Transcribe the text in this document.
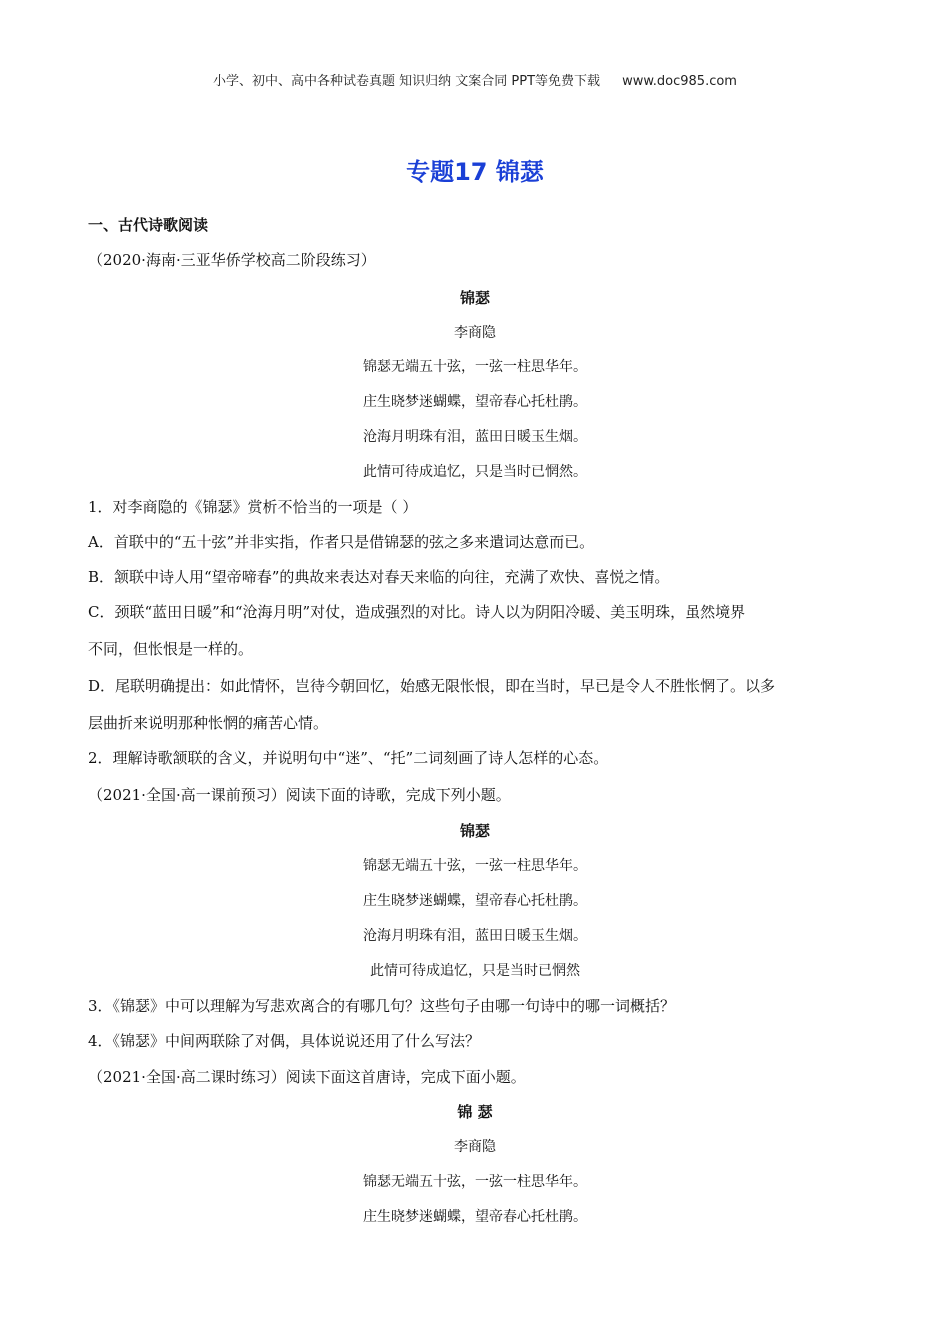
小学、初中、高中各种试卷真题 知识归纳 文案合同 PPT等免费下载 www.doc985.com
专题17 锦瑟
一、古代诗歌阅读
（2020·海南·三亚华侨学校高二阶段练习）
锦瑟
李商隐
锦瑟无端五十弦，一弦一柱思华年。
庄生晓梦迷蝴蝶，望帝春心托杜鹃。
沧海月明珠有泪，蓝田日暖玉生烟。
此情可待成追忆，只是当时已惘然。
1．对李商隐的《锦瑟》赏析不恰当的一项是（ ）
A．首联中的“五十弦”并非实指，作者只是借锦瑟的弦之多来遣词达意而已。
B．颔联中诗人用“望帝啼春”的典故来表达对春天来临的向往，充满了欢快、喜悦之情。
C．颈联“蓝田日暖”和“沧海月明”对仗，造成强烈的对比。诗人以为阴阳冷暖、美玉明珠，虽然境界
不同，但怅恨是一样的。
D．尾联明确提出：如此情怀，岂待今朝回忆，始感无限怅恨，即在当时，早已是令人不胜怅惘了。以多
层曲折来说明那种怅惘的痛苦心情。
2．理解诗歌颔联的含义，并说明句中“迷”、“托”二词刻画了诗人怎样的心态。
（2021·全国·高一课前预习）阅读下面的诗歌，完成下列小题。
锦瑟
锦瑟无端五十弦，一弦一柱思华年。
庄生晓梦迷蝴蝶，望帝春心托杜鹃。
沧海月明珠有泪，蓝田日暖玉生烟。
此情可待成追忆，只是当时已惘然
3．《锦瑟》中可以理解为写悲欢离合的有哪几句？这些句子由哪一句诗中的哪一词概括？
4．《锦瑟》中间两联除了对偶，具体说说还用了什么写法？
（2021·全国·高二课时练习）阅读下面这首唐诗，完成下面小题。
锦 瑟
李商隐
锦瑟无端五十弦，一弦一柱思华年。
庄生晓梦迷蝴蝶，望帝春心托杜鹃。
